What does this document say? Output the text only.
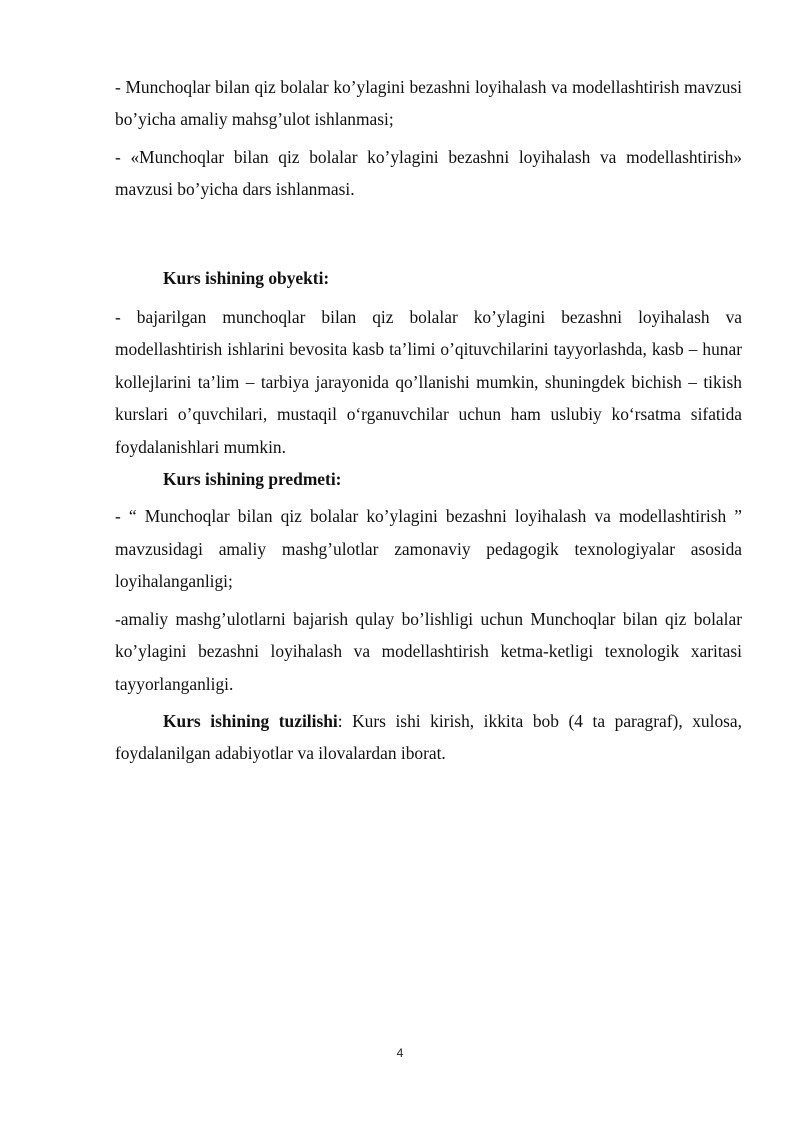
- Munchoqlar bilan qiz bolalar ko’ylagini bezashni loyihalash va modellashtirish mavzusi bo’yicha amaliy mahsg’ulot ishlanmasi;

- «Munchoqlar bilan qiz bolalar ko’ylagini bezashni loyihalash va modellashtirish» mavzusi bo’yicha dars ishlanmasi.

Kurs ishining obyekti:

- bajarilgan munchoqlar bilan qiz bolalar ko’ylagini bezashni loyihalash va modellashtirish ishlarini bevosita kasb ta’limi o’qituvchilarini tayyorlashda, kasb – hunar kollejlarini ta’lim – tarbiya jarayonida qo’llanishi mumkin, shuningdek bichish – tikish kurslari o’quvchilari, mustaqil o‘rganuvchilar uchun ham uslubiy ko‘rsatma sifatida foydalanishlari mumkin.

Kurs ishining predmeti:

- “ Munchoqlar bilan qiz bolalar ko’ylagini bezashni loyihalash va modellashtirish ” mavzusidagi amaliy mashg’ulotlar zamonaviy pedagogik texnologiyalar asosida loyihalanganligi;

-amaliy mashg’ulotlarni bajarish qulay bo’lishligi uchun Munchoqlar bilan qiz bolalar ko’ylagini bezashni loyihalash va modellashtirish ketma-ketligi texnologik xaritasi tayyorlanganligi.

Kurs ishining tuzilishi: Kurs ishi kirish, ikkita bob (4 ta paragraf), xulosa, foydalanilgan adabiyotlar va ilovalardan iborat.

4
